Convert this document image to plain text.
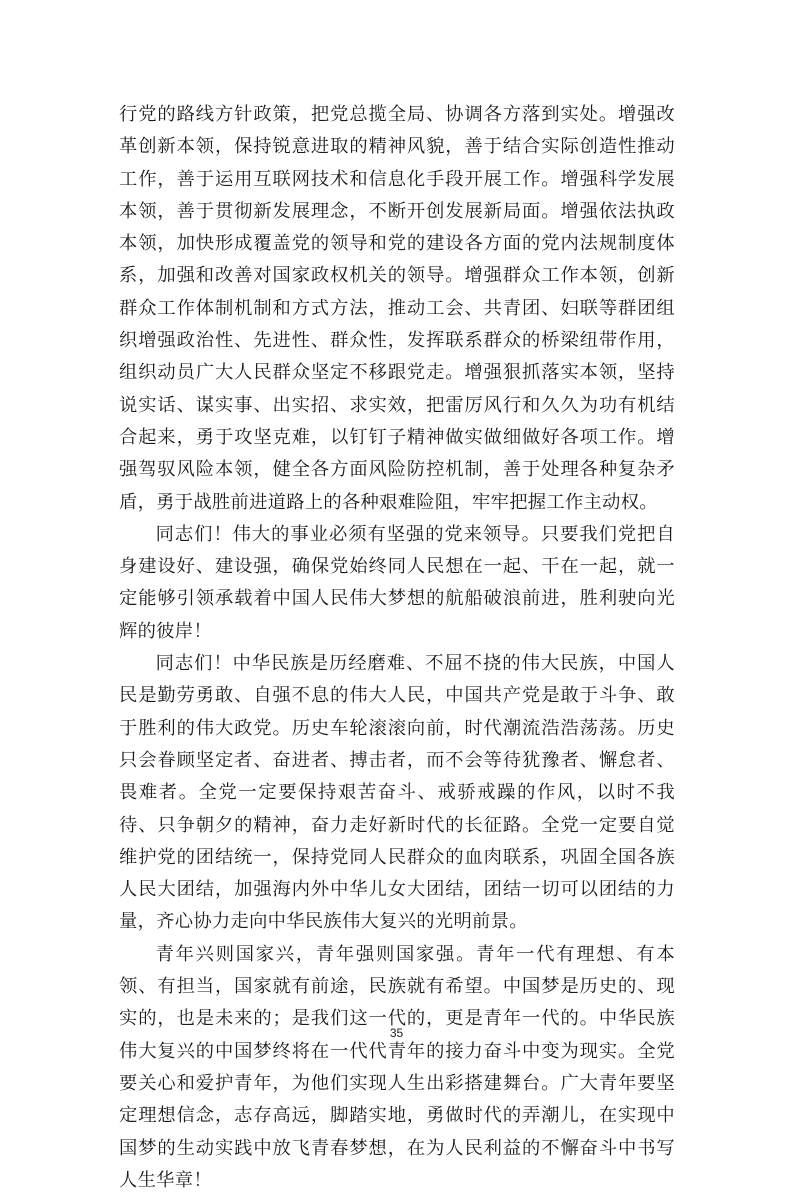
行党的路线方针政策，把党总揽全局、协调各方落到实处。增强改革创新本领，保持锐意进取的精神风貌，善于结合实际创造性推动工作，善于运用互联网技术和信息化手段开展工作。增强科学发展本领，善于贯彻新发展理念，不断开创发展新局面。增强依法执政本领，加快形成覆盖党的领导和党的建设各方面的党内法规制度体系，加强和改善对国家政权机关的领导。增强群众工作本领，创新群众工作体制机制和方式方法，推动工会、共青团、妇联等群团组织增强政治性、先进性、群众性，发挥联系群众的桥梁纽带作用，组织动员广大人民群众坚定不移跟党走。增强狠抓落实本领，坚持说实话、谋实事、出实招、求实效，把雷厉风行和久久为功有机结合起来，勇于攻坚克难，以钉钉子精神做实做细做好各项工作。增强驾驭风险本领，健全各方面风险防控机制，善于处理各种复杂矛盾，勇于战胜前进道路上的各种艰难险阻，牢牢把握工作主动权。

同志们！伟大的事业必须有坚强的党来领导。只要我们党把自身建设好、建设强，确保党始终同人民想在一起、干在一起，就一定能够引领承载着中国人民伟大梦想的航船破浪前进，胜利驶向光辉的彼岸！

同志们！中华民族是历经磨难、不屈不挠的伟大民族，中国人民是勤劳勇敢、自强不息的伟大人民，中国共产党是敢于斗争、敢于胜利的伟大政党。历史车轮滚滚向前，时代潮流浩浩荡荡。历史只会眷顾坚定者、奋进者、搏击者，而不会等待犹豫者、懈怠者、畏难者。全党一定要保持艰苦奋斗、戒骄戒躁的作风，以时不我待、只争朝夕的精神，奋力走好新时代的长征路。全党一定要自觉维护党的团结统一，保持党同人民群众的血肉联系，巩固全国各族人民大团结，加强海内外中华儿女大团结，团结一切可以团结的力量，齐心协力走向中华民族伟大复兴的光明前景。

青年兴则国家兴，青年强则国家强。青年一代有理想、有本领、有担当，国家就有前途，民族就有希望。中国梦是历史的、现实的，也是未来的；是我们这一代的，更是青年一代的。中华民族伟大复兴的中国梦终将在一代代青年的接力奋斗中变为现实。全党要关心和爱护青年，为他们实现人生出彩搭建舞台。广大青年要坚定理想信念，志存高远，脚踏实地，勇做时代的弄潮儿，在实现中国梦的生动实践中放飞青春梦想，在为人民利益的不懈奋斗中书写人生华章！

35
